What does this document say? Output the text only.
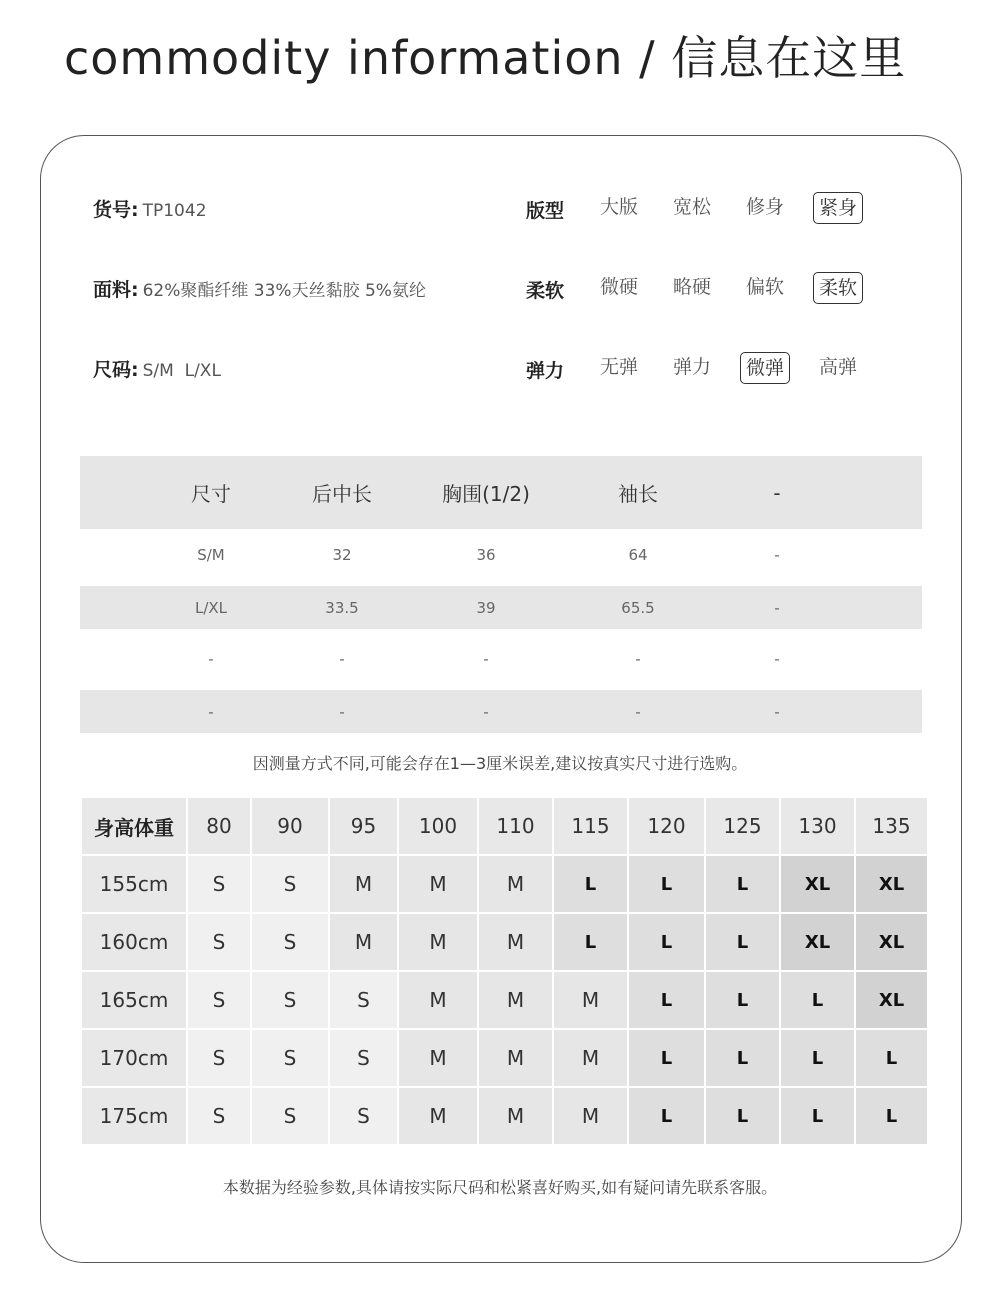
commodity information / 信息在这里
货号: TP1042
面料: 62%聚酯纤维 33%天丝黏胶 5%氨纶
尺码: S/M  L/XL
版型	大版	宽松	修身	紧身
柔软	微硬	略硬	偏软	柔软
弹力	无弹	弹力	微弹	高弹
尺寸	后中长	胸围(1/2)	袖长	-
S/M	32	36	64	-
L/XL	33.5	39	65.5	-
-	-	-	-	-
-	-	-	-	-
因测量方式不同,可能会存在1—3厘米误差,建议按真实尺寸进行选购。
身高体重	80	90	95	100	110	115	120	125	130	135
155cm	S	S	M	M	M	L	L	L	XL	XL
160cm	S	S	M	M	M	L	L	L	XL	XL
165cm	S	S	S	M	M	M	L	L	L	XL
170cm	S	S	S	M	M	M	L	L	L	L
175cm	S	S	S	M	M	M	L	L	L	L
本数据为经验参数,具体请按实际尺码和松紧喜好购买,如有疑问请先联系客服。
